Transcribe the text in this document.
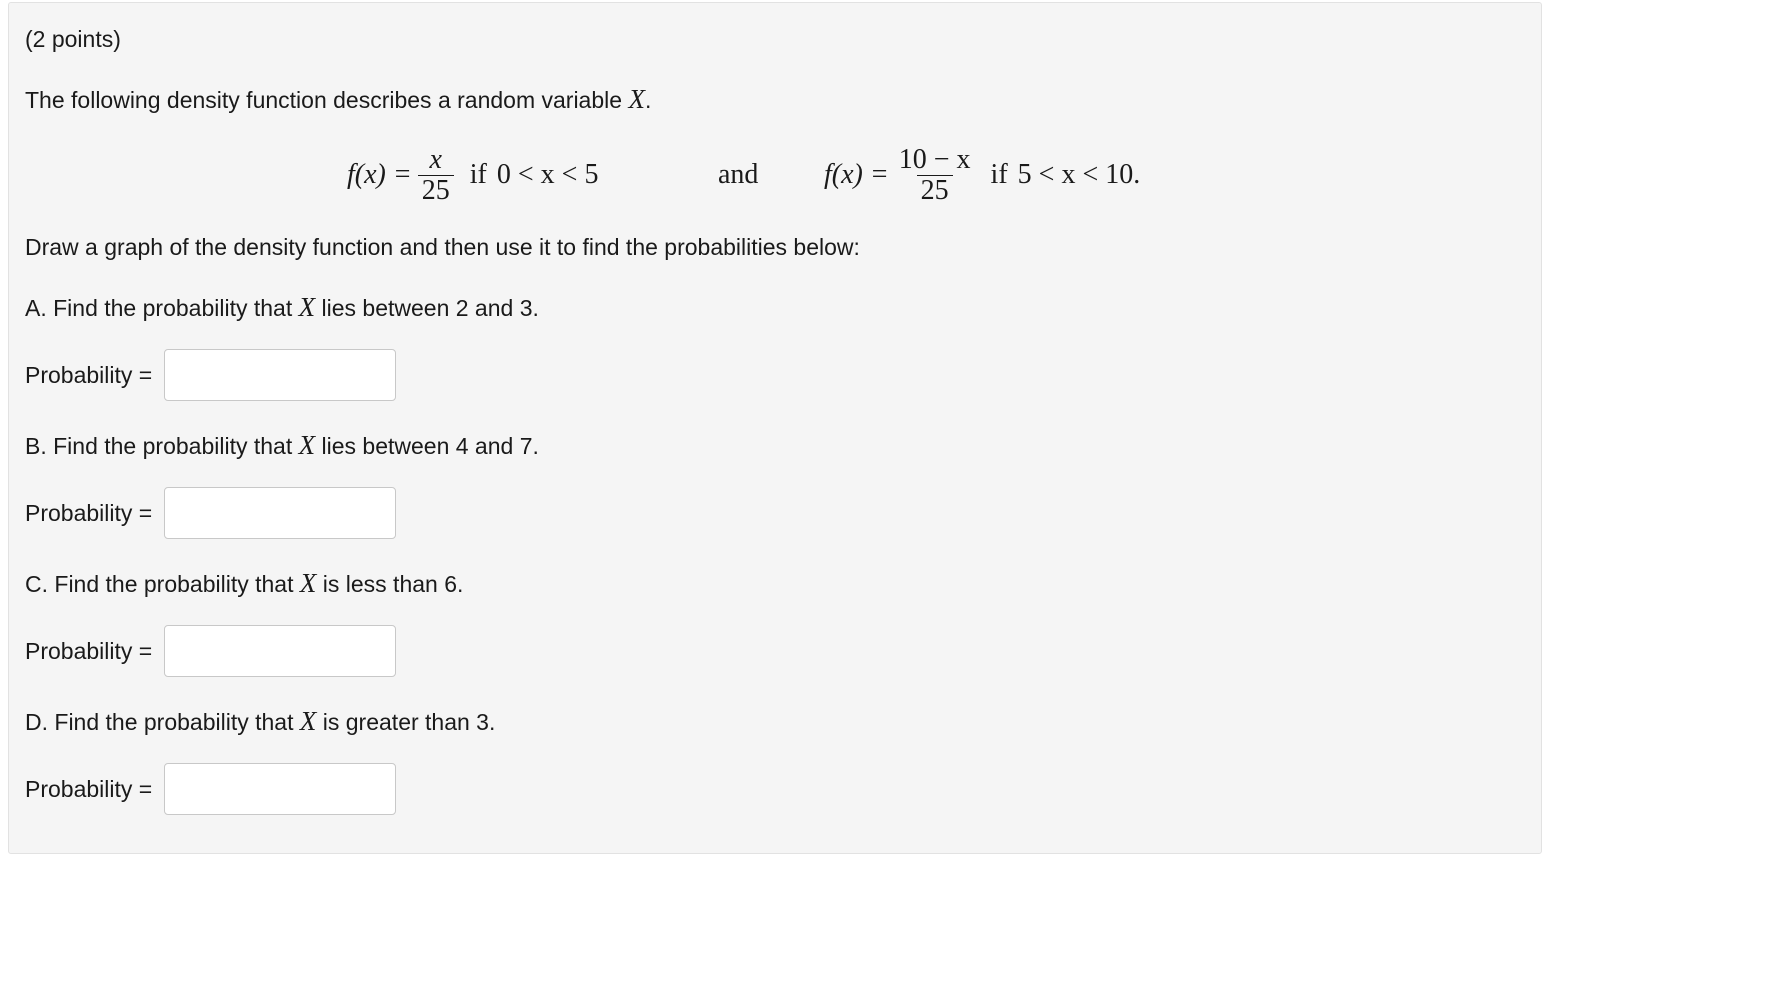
(2 points)
The following density function describes a random variable X.
$f(x) = \frac{x}{25}$ if 0 < x < 5	and $f(x) = \frac{10 - x}{25}$ if 5 < x < 10.
Draw a graph of the density function and then use it to find the probabilities below:
A. Find the probability that X lies between 2 and 3.
Probability =
B. Find the probability that X lies between 4 and 7.
Probability =
C. Find the probability that X is less than 6.
Probability =
D. Find the probability that X is greater than 3.
Probability =
